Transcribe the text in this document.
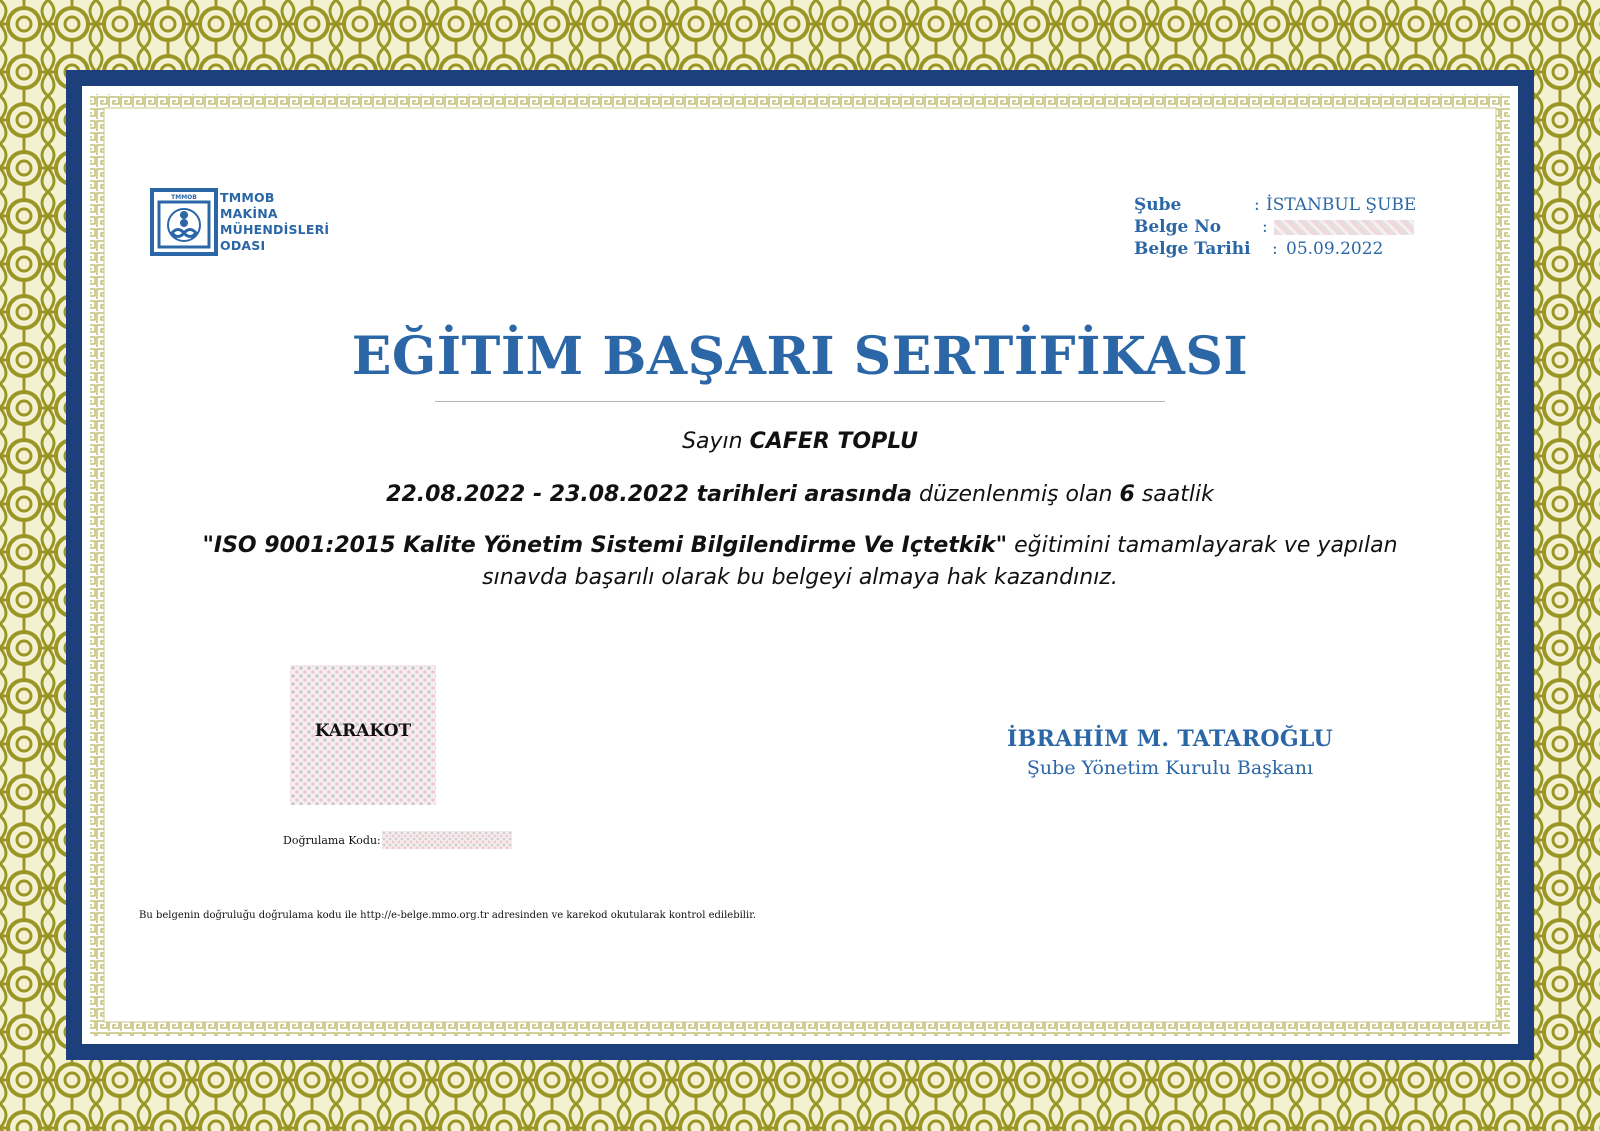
TMMOB TMMOB
MAKİNA
MÜHENDİSLERİ
ODASI
Şube	: İSTANBUL ŞUBE
Belge No :
Belge Tarihi : 05.09.2022
EĞİTİM BAŞARI SERTİFİKASI
Sayın CAFER TOPLU
22.08.2022 - 23.08.2022 tarihleri arasında düzenlenmiş olan 6 saatlik
"ISO 9001:2015 Kalite Yönetim Sistemi Bilgilendirme Ve Içtetkik" eğitimini tamamlayarak ve yapılan
sınavda başarılı olarak bu belgeyi almaya hak kazandınız.
KARAKOT
Doğrulama Kodu:
İBRAHİM M. TATAROĞLU
Şube Yönetim Kurulu Başkanı
Bu belgenin doğruluğu doğrulama kodu ile http://e-belge.mmo.org.tr adresinden ve karekod okutularak kontrol edilebilir.
